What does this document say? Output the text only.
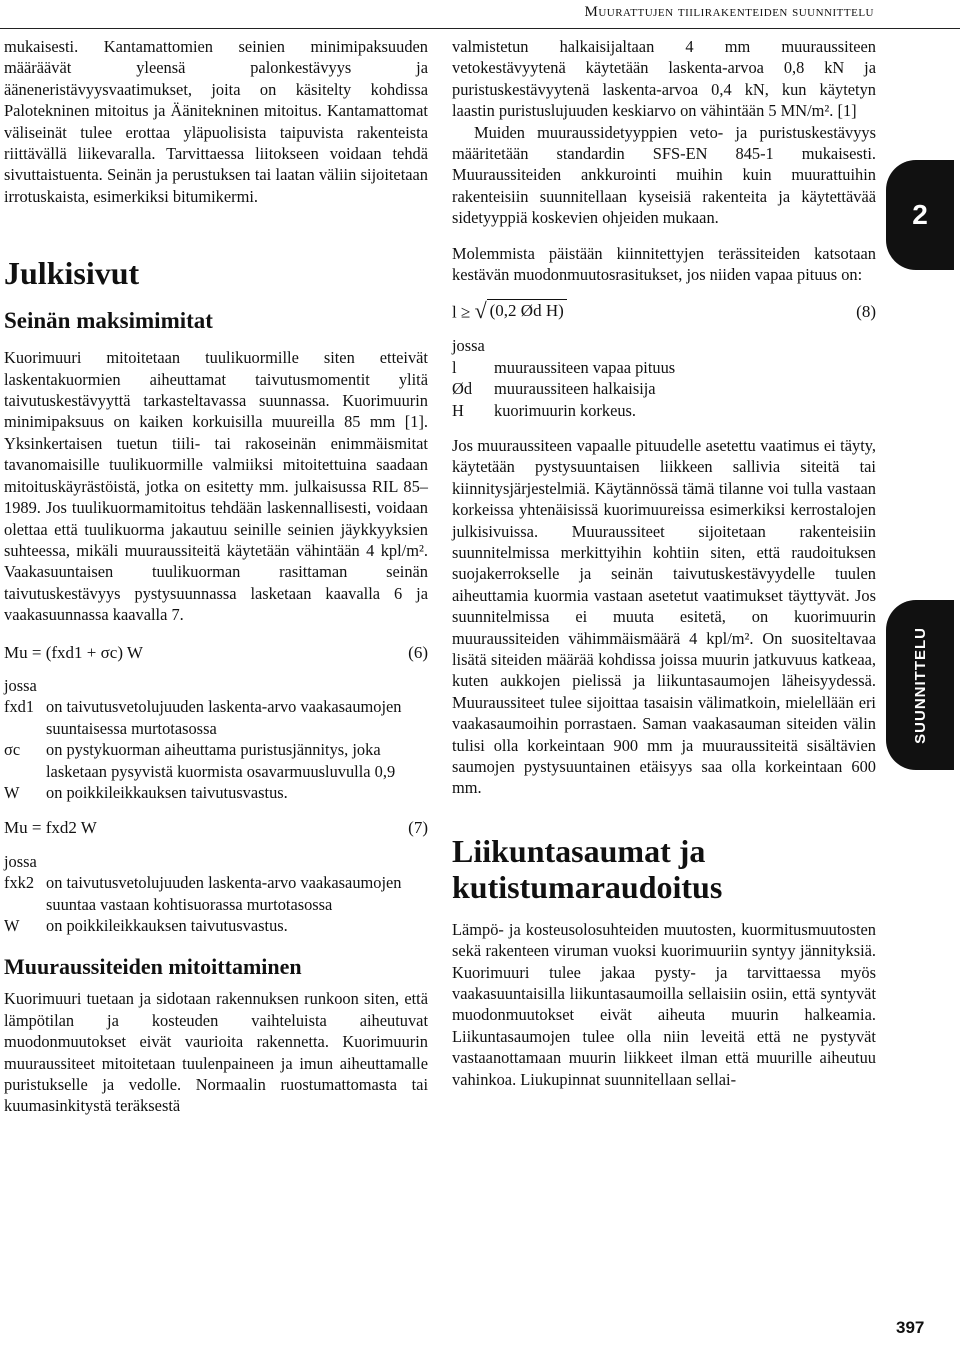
Muurattujen tiilirakenteiden suunnittelu

mukaisesti. Kantamattomien seinien minimipaksuuden määräävät yleensä palonkestävyys ja ääneneristävyysvaatimukset, joita on käsitelty kohdissa Palotekninen mitoitus ja Äänitekninen mitoitus. Kantamattomat väliseinät tulee erottaa yläpuolisista taipuvista rakenteista riittävällä liikevaralla. Tarvittaessa liitokseen voidaan tehdä sivuttaistuenta. Seinän ja perustuksen tai laatan väliin sijoitetaan irrotuskaista, esimerkiksi bitumikermi.

Julkisivut
Seinän maksimimitat

Kuorimuuri mitoitetaan tuulikuormille siten etteivät laskentakuormien aiheuttamat taivutusmomentit ylitä taivutuskestävyyttä tarkasteltavassa suunnassa. Kuorimuurin minimipaksuus on kaiken korkuisilla muureilla 85 mm [1]. Yksinkertaisen tuetun tiili- tai rakoseinän enimmäismitat tavanomaisille tuulikuormille valmiiksi mitoitettuina saadaan mitoituskäyrästöistä, jotka on esitetty mm. julkaisussa RIL 85–1989. Jos tuulikuormamitoitus tehdään laskennallisesti, voidaan olettaa että tuulikuorma jakautuu seinille seinien jäykkyyksien suhteessa, mikäli muuraussiteitä käytetään vähintään 4 kpl/m². Vaakasuuntaisen tuulikuorman rasittaman seinän taivutuskestävyys pystysuunnassa lasketaan kaavalla 6 ja vaakasuunnassa kaavalla 7.

Mu = (fxd1 + σc) W	(6)

jossa

fxd1	on taivutusvetolujuuden laskenta-arvo vaakasaumojen suuntaisessa murtotasossa
σc	on pystykuorman aiheuttama puristusjännitys, joka lasketaan pysyvistä kuormista osavarmuusluvulla 0,9
W	on poikkileikkauksen taivutusvastus.
Mu = fxd2 W	(7)

jossa

fxk2	on taivutusvetolujuuden laskenta-arvo vaakasaumojen suuntaa vastaan kohtisuorassa murtotasossa
W	on poikkileikkauksen taivutusvastus.
Muuraussiteiden mitoittaminen

Kuorimuuri tuetaan ja sidotaan rakennuksen runkoon siten, että lämpötilan ja kosteuden vaihteluista aiheutuvat muodonmuutokset eivät vaurioita rakennetta. Kuorimuurin muuraussiteet mitoitetaan tuulenpaineen ja imun aiheuttamalle puristukselle ja vedolle. Normaalin ruostumattomasta tai kuumasinkitystä teräksestä

valmistetun halkaisijaltaan 4 mm muuraussiteen vetokestävyytenä käytetään laskenta-arvoa 0,8 kN ja puristuskestävyytenä laskenta-arvoa 0,4 kN, kun käytetyn laastin puristuslujuuden keskiarvo on vähintään 5 MN/m². [1]

Muiden muuraussidetyyppien veto- ja puristuskestävyys määritetään standardin SFS-EN 845-1 mukaisesti. Muuraussiteiden ankkurointi muihin kuin muurattuihin rakenteisiin suunnitellaan kyseisiä rakenteita ja käytettävää sidetyyppiä koskevien ohjeiden mukaan.

Molemmista päistään kiinnitettyjen terässiteiden katsotaan kestävän muodonmuutosrasitukset, jos niiden vapaa pituus on:

l ≥ √ (0,2 Ød H)	(8)

jossa

l	muuraussiteen vapaa pituus
Ød	muuraussiteen halkaisija
H	kuorimuurin korkeus.

Jos muuraussiteen vapaalle pituudelle asetettu vaatimus ei täyty, käytetään pystysuuntaisen liikkeen sallivia siteitä tai kiinnitysjärjestelmiä. Käytännössä tämä tilanne voi tulla vastaan korkeissa yhtenäisissä kuorimuureissa esimerkiksi kerrostalojen julkisivuissa. Muuraussiteet sijoitetaan rakenteisiin suunnitelmissa merkittyihin kohtiin siten, että raudoituksen suojakerrokselle ja seinän taivutuskestävyydelle tuulen aiheuttamia kuormia vastaan asetetut vaatimukset täyttyvät. Jos suunnitelmissa ei muuta esitetä, on kuorimuurin muuraussiteiden vähimmäismäärä 4 kpl/m². On suositeltavaa lisätä siteiden määrää kohdissa joissa muurin jatkuvuus katkeaa, kuten aukkojen pielissä ja liikuntasaumojen läheisyydessä. Muuraussiteet tulee sijoittaa tasaisin välimatkoin, mielellään eri vaakasaumoihin porrastaen. Saman vaakasauman siteiden välin tulisi olla korkeintaan 900 mm ja muuraussiteitä sisältävien saumojen pystysuuntainen etäisyys saa olla korkeintaan 600 mm.

Liikuntasaumat ja kutistumaraudoitus

Lämpö- ja kosteusolosuhteiden muutosten, kuormitusmuutosten sekä rakenteen viruman vuoksi kuorimuuriin syntyy jännityksiä. Kuorimuuri tulee jakaa pysty- ja tarvittaessa myös vaakasuuntaisilla liikuntasaumoilla sellaisiin osiin, että syntyvät muodonmuutokset eivät aiheuta muurin halkeamia. Liikuntasaumojen tulee olla niin leveitä että ne pystyvät vastaanottamaan muurin liikkeet ilman että muurille aiheutuu vahinkoa. Liukupinnat suunnitellaan sellai-

2
SUUNNITTELU
397
